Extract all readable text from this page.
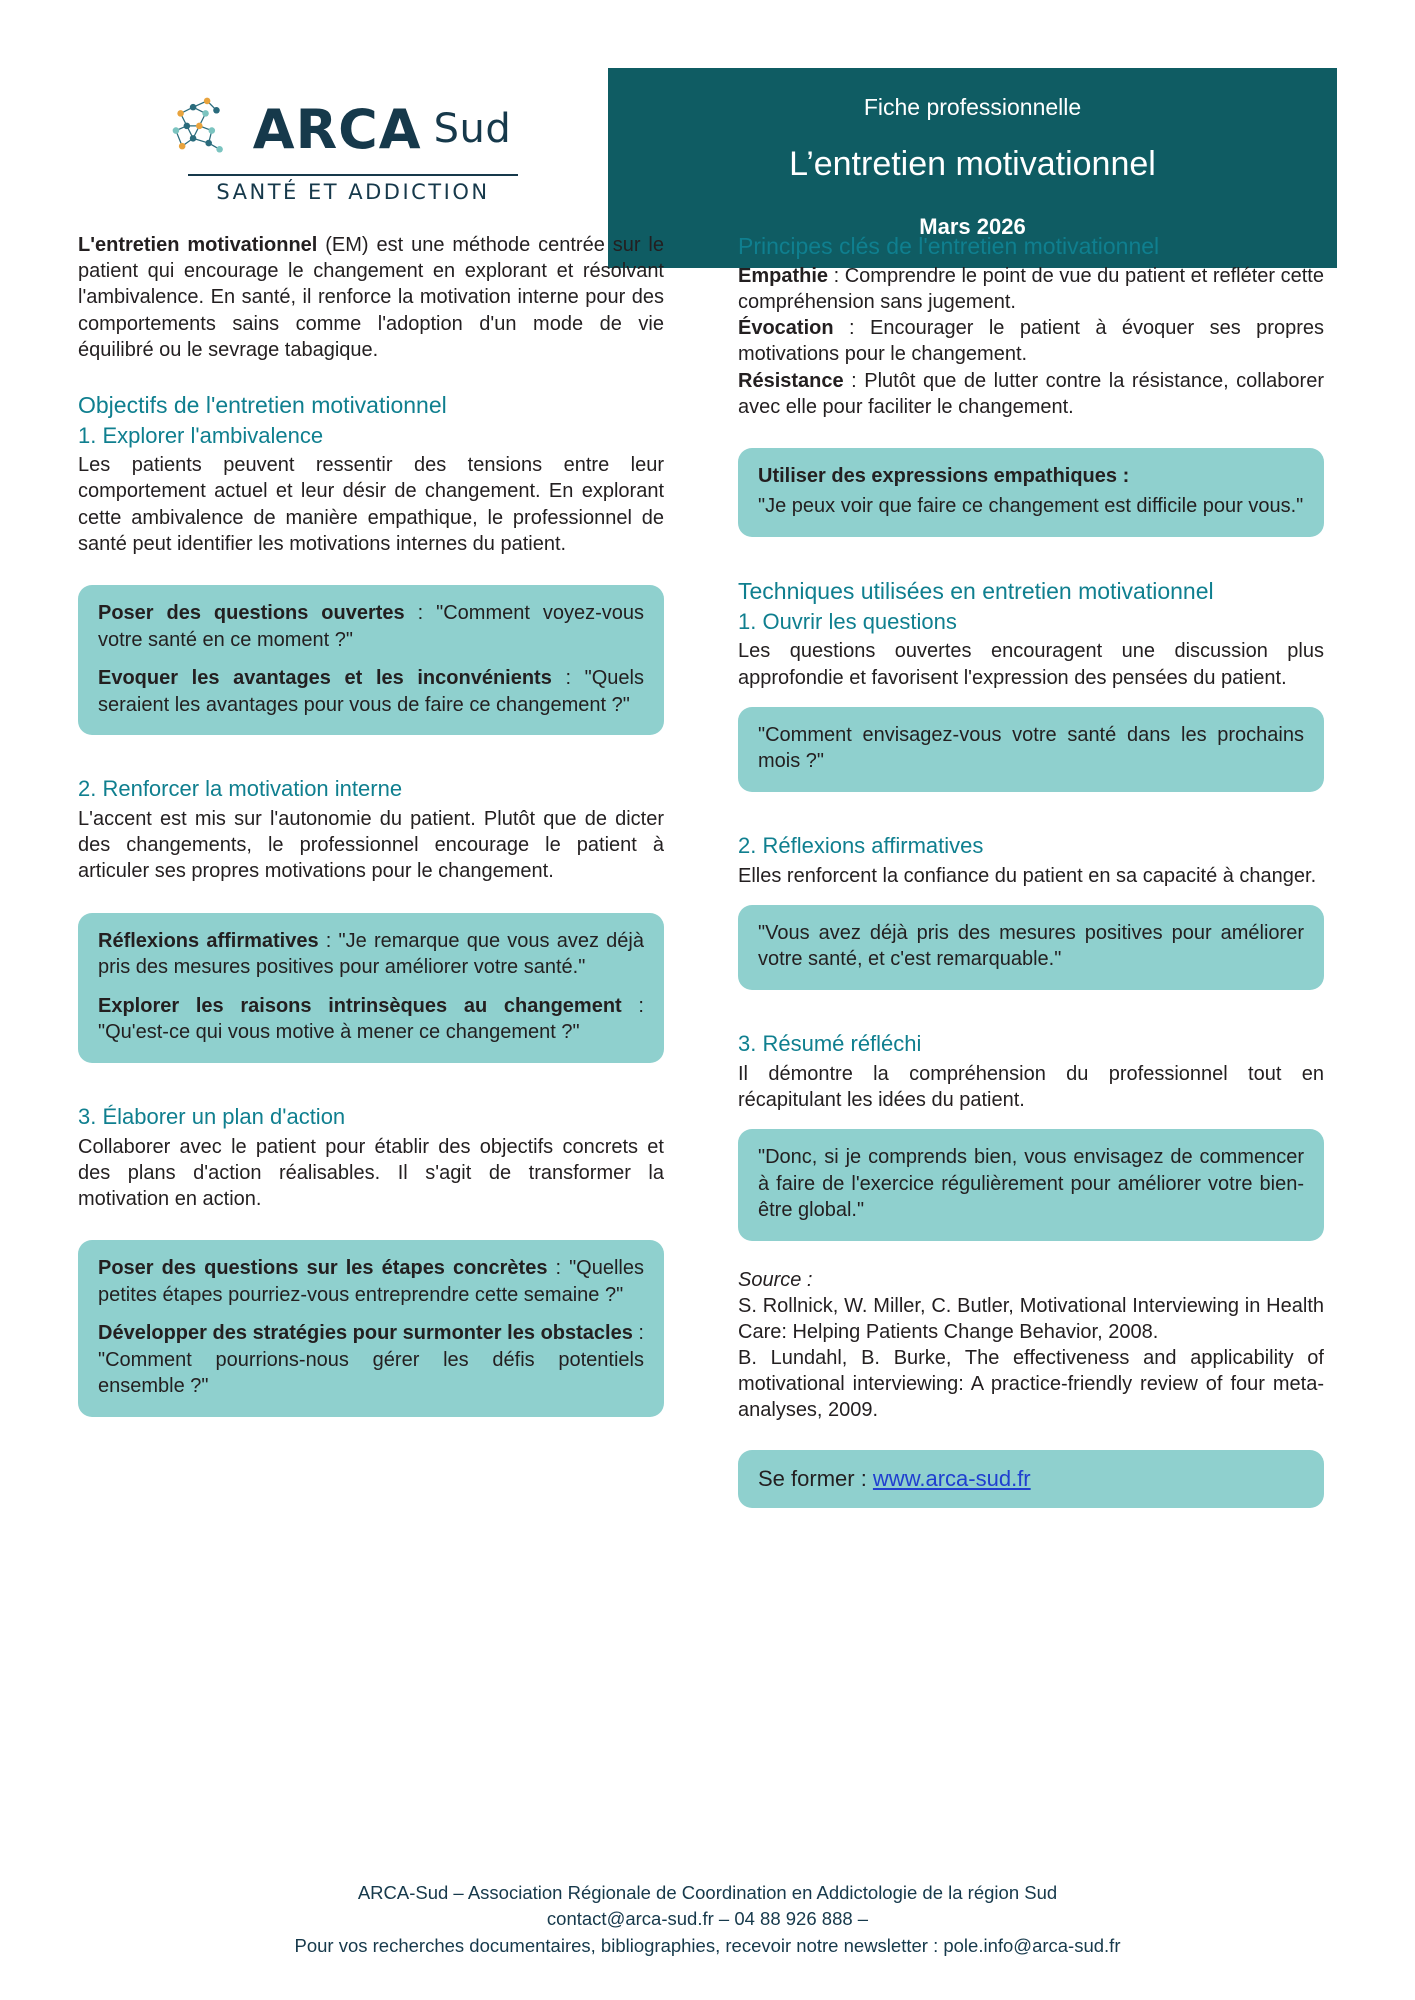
ARCA Sud
SANTÉ ET ADDICTION

Fiche professionnelle

L’entretien motivationnel

Mars 2026

L'entretien motivationnel (EM) est une méthode centrée sur le patient qui encourage le changement en explorant et résolvant l'ambivalence. En santé, il renforce la motivation interne pour des comportements sains comme l'adoption d'un mode de vie équilibré ou le sevrage tabagique.

Objectifs de l'entretien motivationnel
1. Explorer l'ambivalence

Les patients peuvent ressentir des tensions entre leur comportement actuel et leur désir de changement. En explorant cette ambivalence de manière empathique, le professionnel de santé peut identifier les motivations internes du patient.

Poser des questions ouvertes : "Comment voyez-vous votre santé en ce moment ?"

Evoquer les avantages et les inconvénients : "Quels seraient les avantages pour vous de faire ce changement ?"

2. Renforcer la motivation interne

L'accent est mis sur l'autonomie du patient. Plutôt que de dicter des changements, le professionnel encourage le patient à articuler ses propres motivations pour le changement.

Réflexions affirmatives : "Je remarque que vous avez déjà pris des mesures positives pour améliorer votre santé."

Explorer les raisons intrinsèques au changement : "Qu'est-ce qui vous motive à mener ce changement ?"

3. Élaborer un plan d'action

Collaborer avec le patient pour établir des objectifs concrets et des plans d'action réalisables. Il s'agit de transformer la motivation en action.

Poser des questions sur les étapes concrètes : "Quelles petites étapes pourriez-vous entreprendre cette semaine ?"

Développer des stratégies pour surmonter les obstacles : "Comment pourrions-nous gérer les défis potentiels ensemble ?"

Principes clés de l'entretien motivationnel

Empathie : Comprendre le point de vue du patient et refléter cette compréhension sans jugement.

Évocation : Encourager le patient à évoquer ses propres motivations pour le changement.

Résistance : Plutôt que de lutter contre la résistance, collaborer avec elle pour faciliter le changement.

Utiliser des expressions empathiques :

"Je peux voir que faire ce changement est difficile pour vous."

Techniques utilisées en entretien motivationnel
1. Ouvrir les questions

Les questions ouvertes encouragent une discussion plus approfondie et favorisent l'expression des pensées du patient.

"Comment envisagez-vous votre santé dans les prochains mois ?"

2. Réflexions affirmatives

Elles renforcent la confiance du patient en sa capacité à changer.

"Vous avez déjà pris des mesures positives pour améliorer votre santé, et c'est remarquable."

3. Résumé réfléchi

Il démontre la compréhension du professionnel tout en récapitulant les idées du patient.

"Donc, si je comprends bien, vous envisagez de commencer à faire de l'exercice régulièrement pour améliorer votre bien-être global."

Source :

S. Rollnick, W. Miller, C. Butler, Motivational Interviewing in Health Care: Helping Patients Change Behavior, 2008.

B. Lundahl, B. Burke, The effectiveness and applicability of motivational interviewing: A practice-friendly review of four meta-analyses, 2009.

Se former : www.arca-sud.fr
ARCA-Sud – Association Régionale de Coordination en Addictologie de la région Sud
contact@arca-sud.fr – 04 88 926 888 –
Pour vos recherches documentaires, bibliographies, recevoir notre newsletter : pole.info@arca-sud.fr
